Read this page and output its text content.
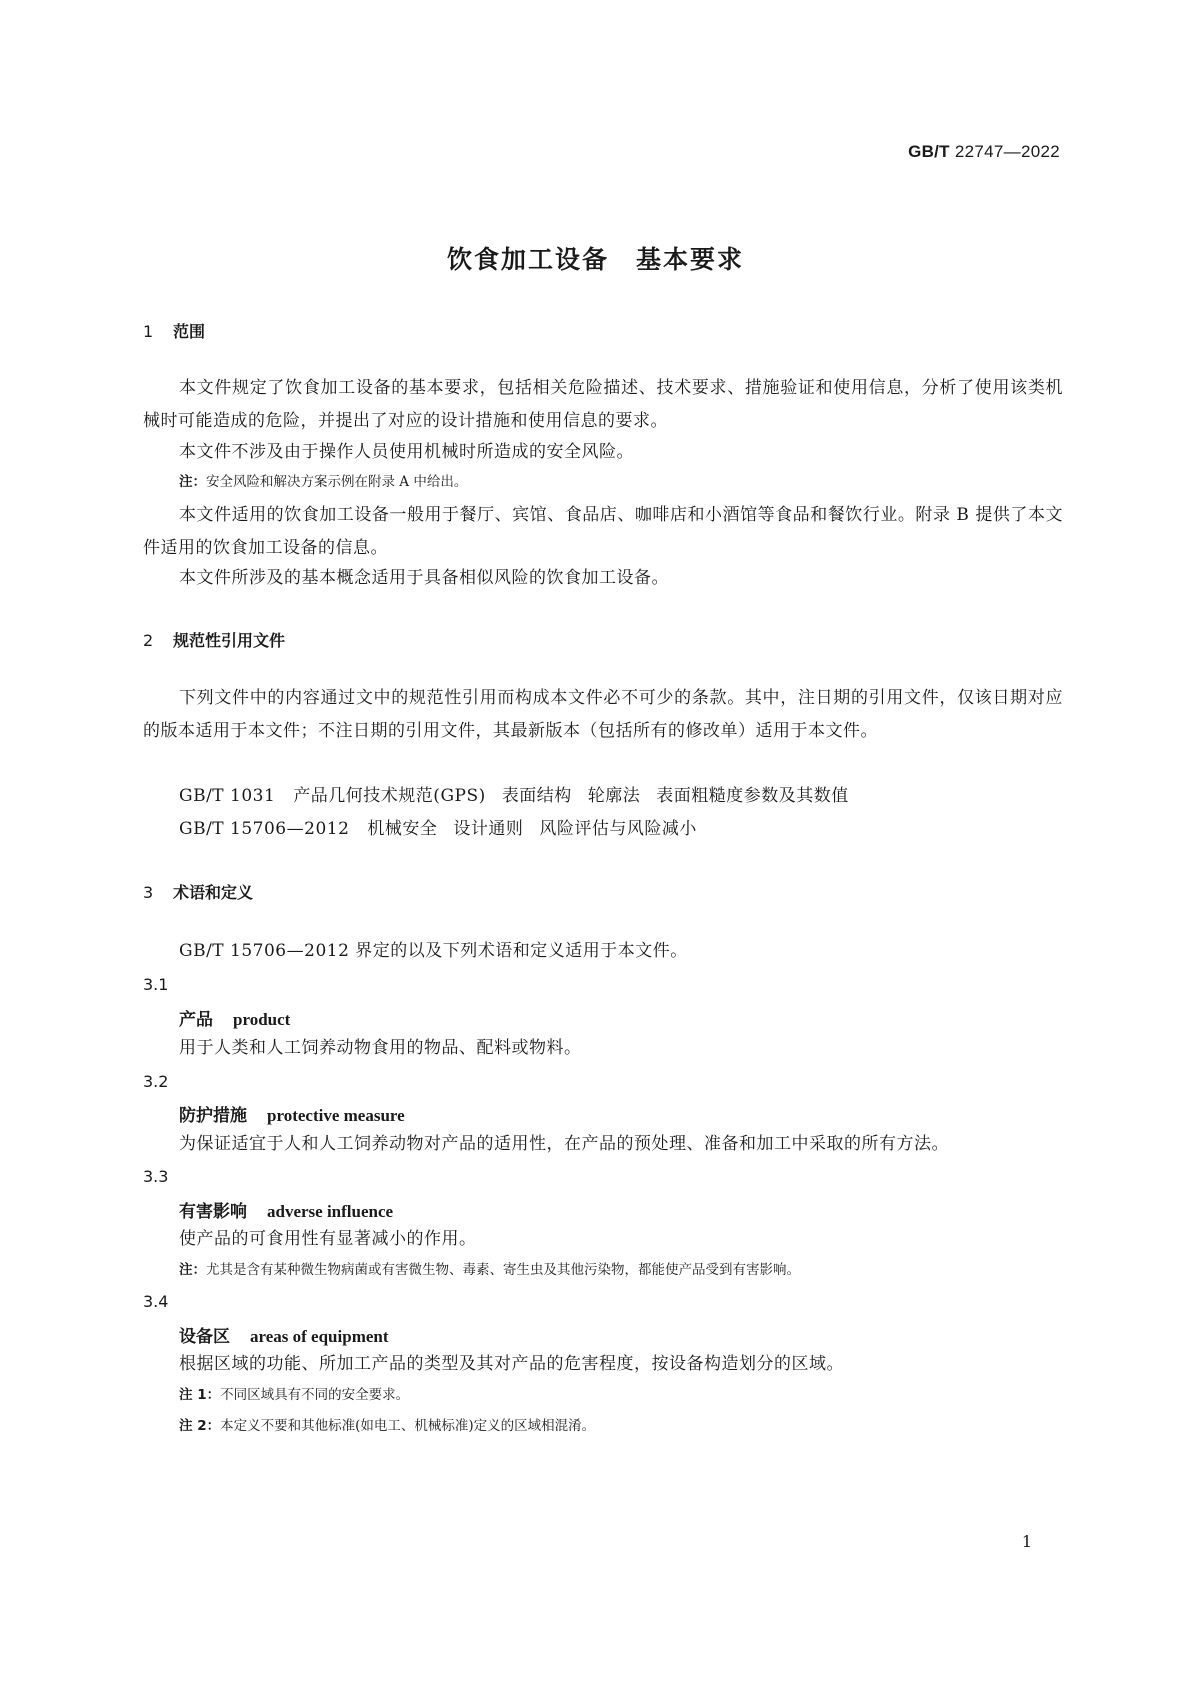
GB/T 22747—2022
饮食加工设备　基本要求
1 范围
本文件规定了饮食加工设备的基本要求，包括相关危险描述、技术要求、措施验证和使用信息，分析了使用该类机械时可能造成的危险，并提出了对应的设计措施和使用信息的要求。
本文件不涉及由于操作人员使用机械时所造成的安全风险。
注：安全风险和解决方案示例在附录 A 中给出。
本文件适用的饮食加工设备一般用于餐厅、宾馆、食品店、咖啡店和小酒馆等食品和餐饮行业。附录 B 提供了本文件适用的饮食加工设备的信息。
本文件所涉及的基本概念适用于具备相似风险的饮食加工设备。
2 规范性引用文件
下列文件中的内容通过文中的规范性引用而构成本文件必不可少的条款。其中，注日期的引用文件，仅该日期对应的版本适用于本文件；不注日期的引用文件，其最新版本（包括所有的修改单）适用于本文件。
GB/T 1031 产品几何技术规范(GPS) 表面结构 轮廓法 表面粗糙度参数及其数值
GB/T 15706—2012 机械安全 设计通则 风险评估与风险减小
3 术语和定义
GB/T 15706—2012 界定的以及下列术语和定义适用于本文件。
3.1
产品 product
用于人类和人工饲养动物食用的物品、配料或物料。
3.2
防护措施 protective measure
为保证适宜于人和人工饲养动物对产品的适用性，在产品的预处理、准备和加工中采取的所有方法。
3.3
有害影响 adverse influence
使产品的可食用性有显著减小的作用。
注：尤其是含有某种微生物病菌或有害微生物、毒素、寄生虫及其他污染物，都能使产品受到有害影响。
3.4
设备区 areas of equipment
根据区域的功能、所加工产品的类型及其对产品的危害程度，按设备构造划分的区域。
注 1：不同区域具有不同的安全要求。
注 2：本定义不要和其他标准(如电工、机械标准)定义的区域相混淆。
1
